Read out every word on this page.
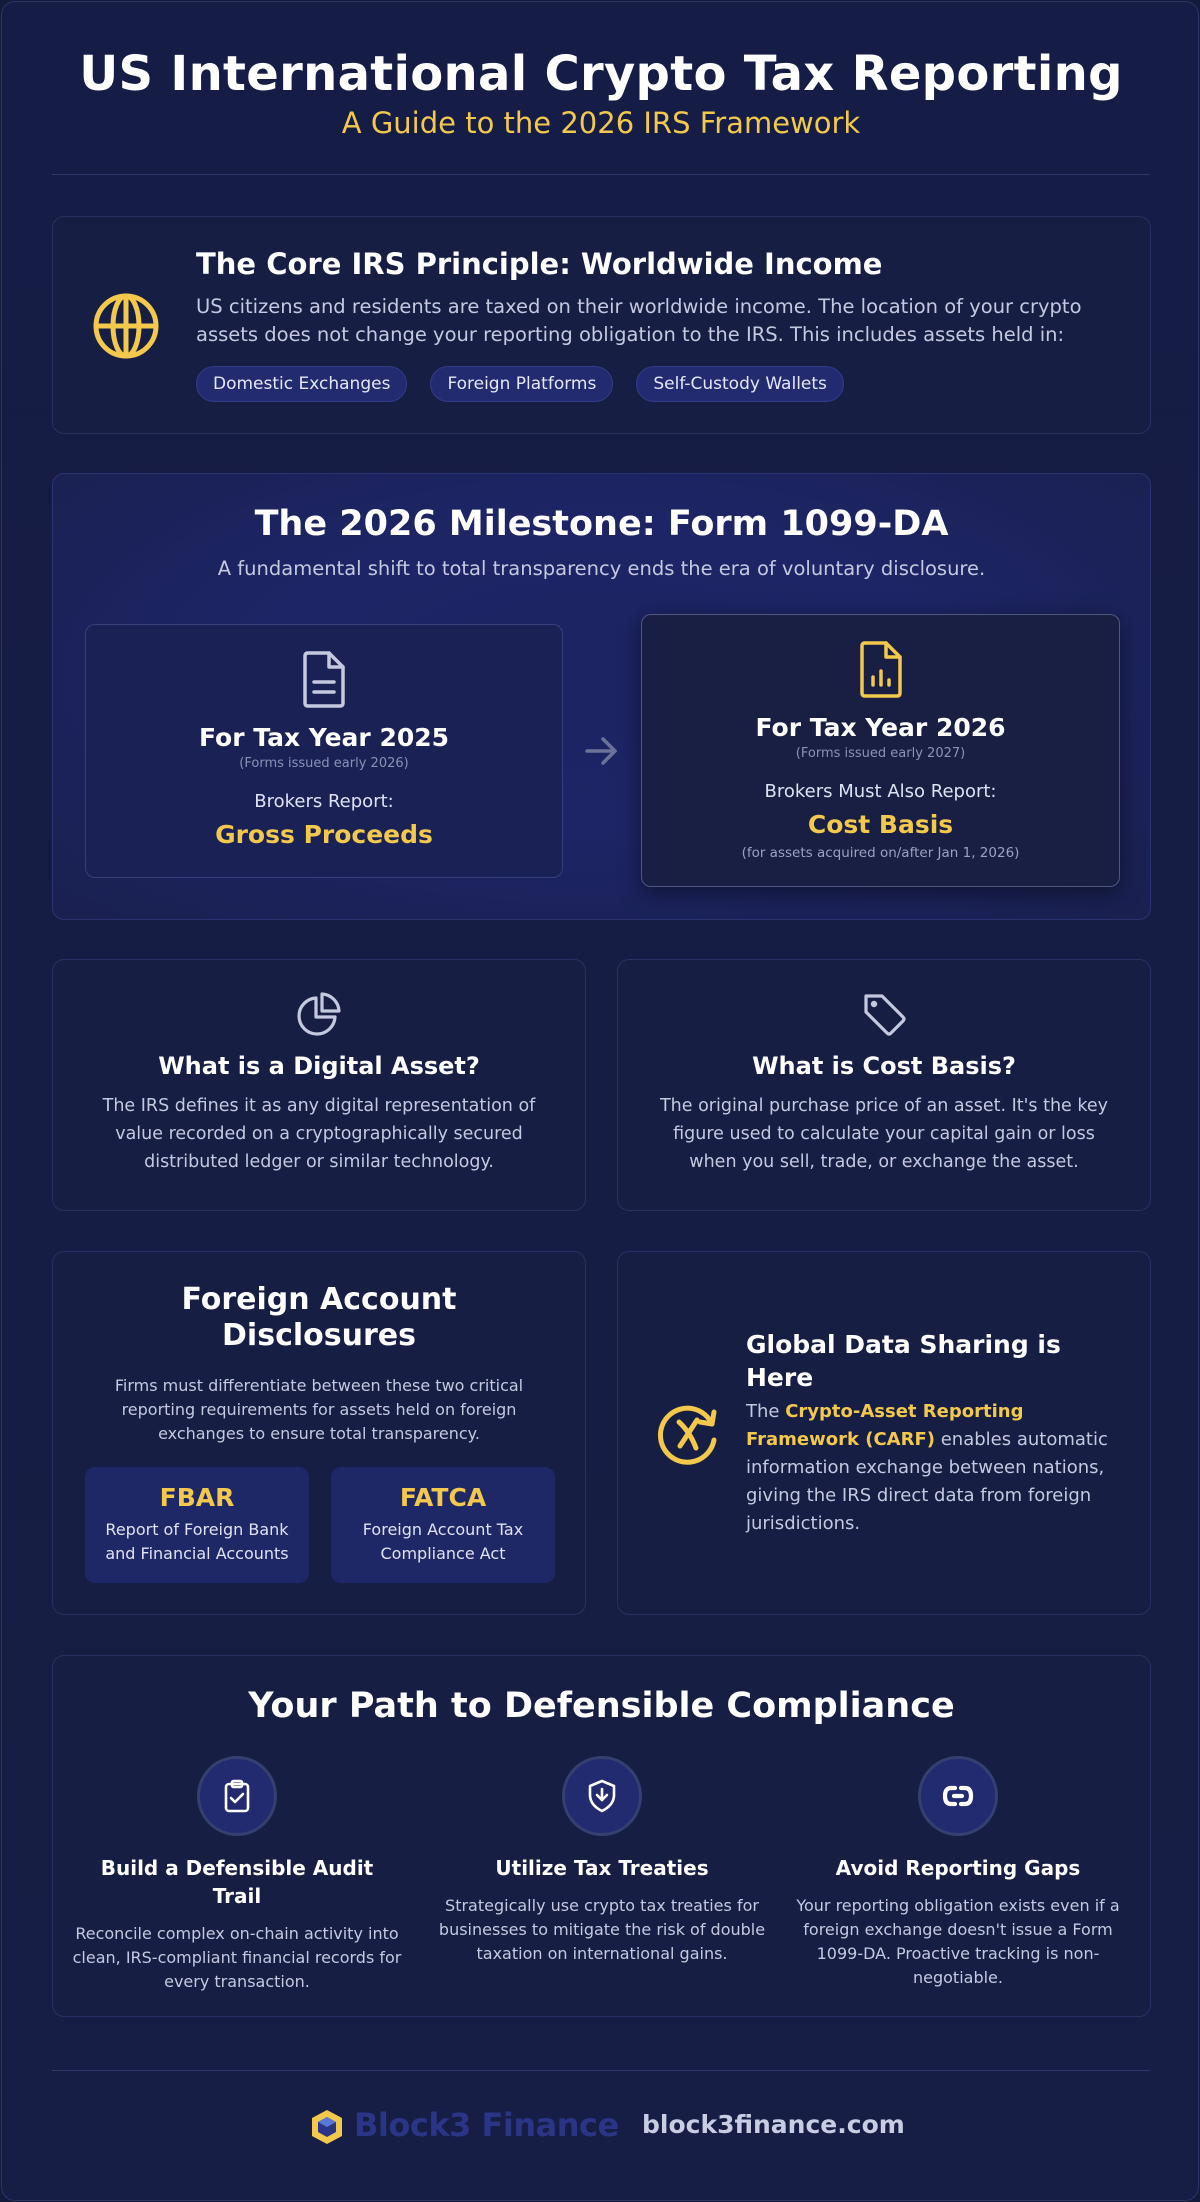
US International Crypto Tax Reporting
A Guide to the 2026 IRS Framework
The Core IRS Principle: Worldwide Income

US citizens and residents are taxed on their worldwide income. The location of your crypto assets does not change your reporting obligation to the IRS. This includes assets held in:

Domestic Exchanges	Foreign Platforms	Self-Custody Wallets
The 2026 Milestone: Form 1099-DA
A fundamental shift to total transparency ends the era of voluntary disclosure.
For Tax Year 2025
(Forms issued early 2026)
Brokers Report:
Gross Proceeds
For Tax Year 2026
(Forms issued early 2027)
Brokers Must Also Report:
Cost Basis
(for assets acquired on/after Jan 1, 2026)
What is a Digital Asset?

The IRS defines it as any digital representation of value recorded on a cryptographically secured distributed ledger or similar technology.

What is Cost Basis?

The original purchase price of an asset. It's the key figure used to calculate your capital gain or loss when you sell, trade, or exchange the asset.

Foreign Account Disclosures

Firms must differentiate between these two critical reporting requirements for assets held on foreign exchanges to ensure total transparency.

FBAR
Report of Foreign Bank and Financial Accounts
FATCA
Foreign Account Tax Compliance Act
Global Data Sharing is Here

The Crypto-Asset Reporting Framework (CARF) enables automatic information exchange between nations, giving the IRS direct data from foreign jurisdictions.

Your Path to Defensible Compliance
Build a Defensible Audit Trail

Reconcile complex on-chain activity into clean, IRS-compliant financial records for every transaction.

Utilize Tax Treaties

Strategically use crypto tax treaties for businesses to mitigate the risk of double taxation on international gains.

Avoid Reporting Gaps

Your reporting obligation exists even if a foreign exchange doesn't issue a Form 1099-DA. Proactive tracking is non-negotiable.

Block3 Finance block3finance.com
